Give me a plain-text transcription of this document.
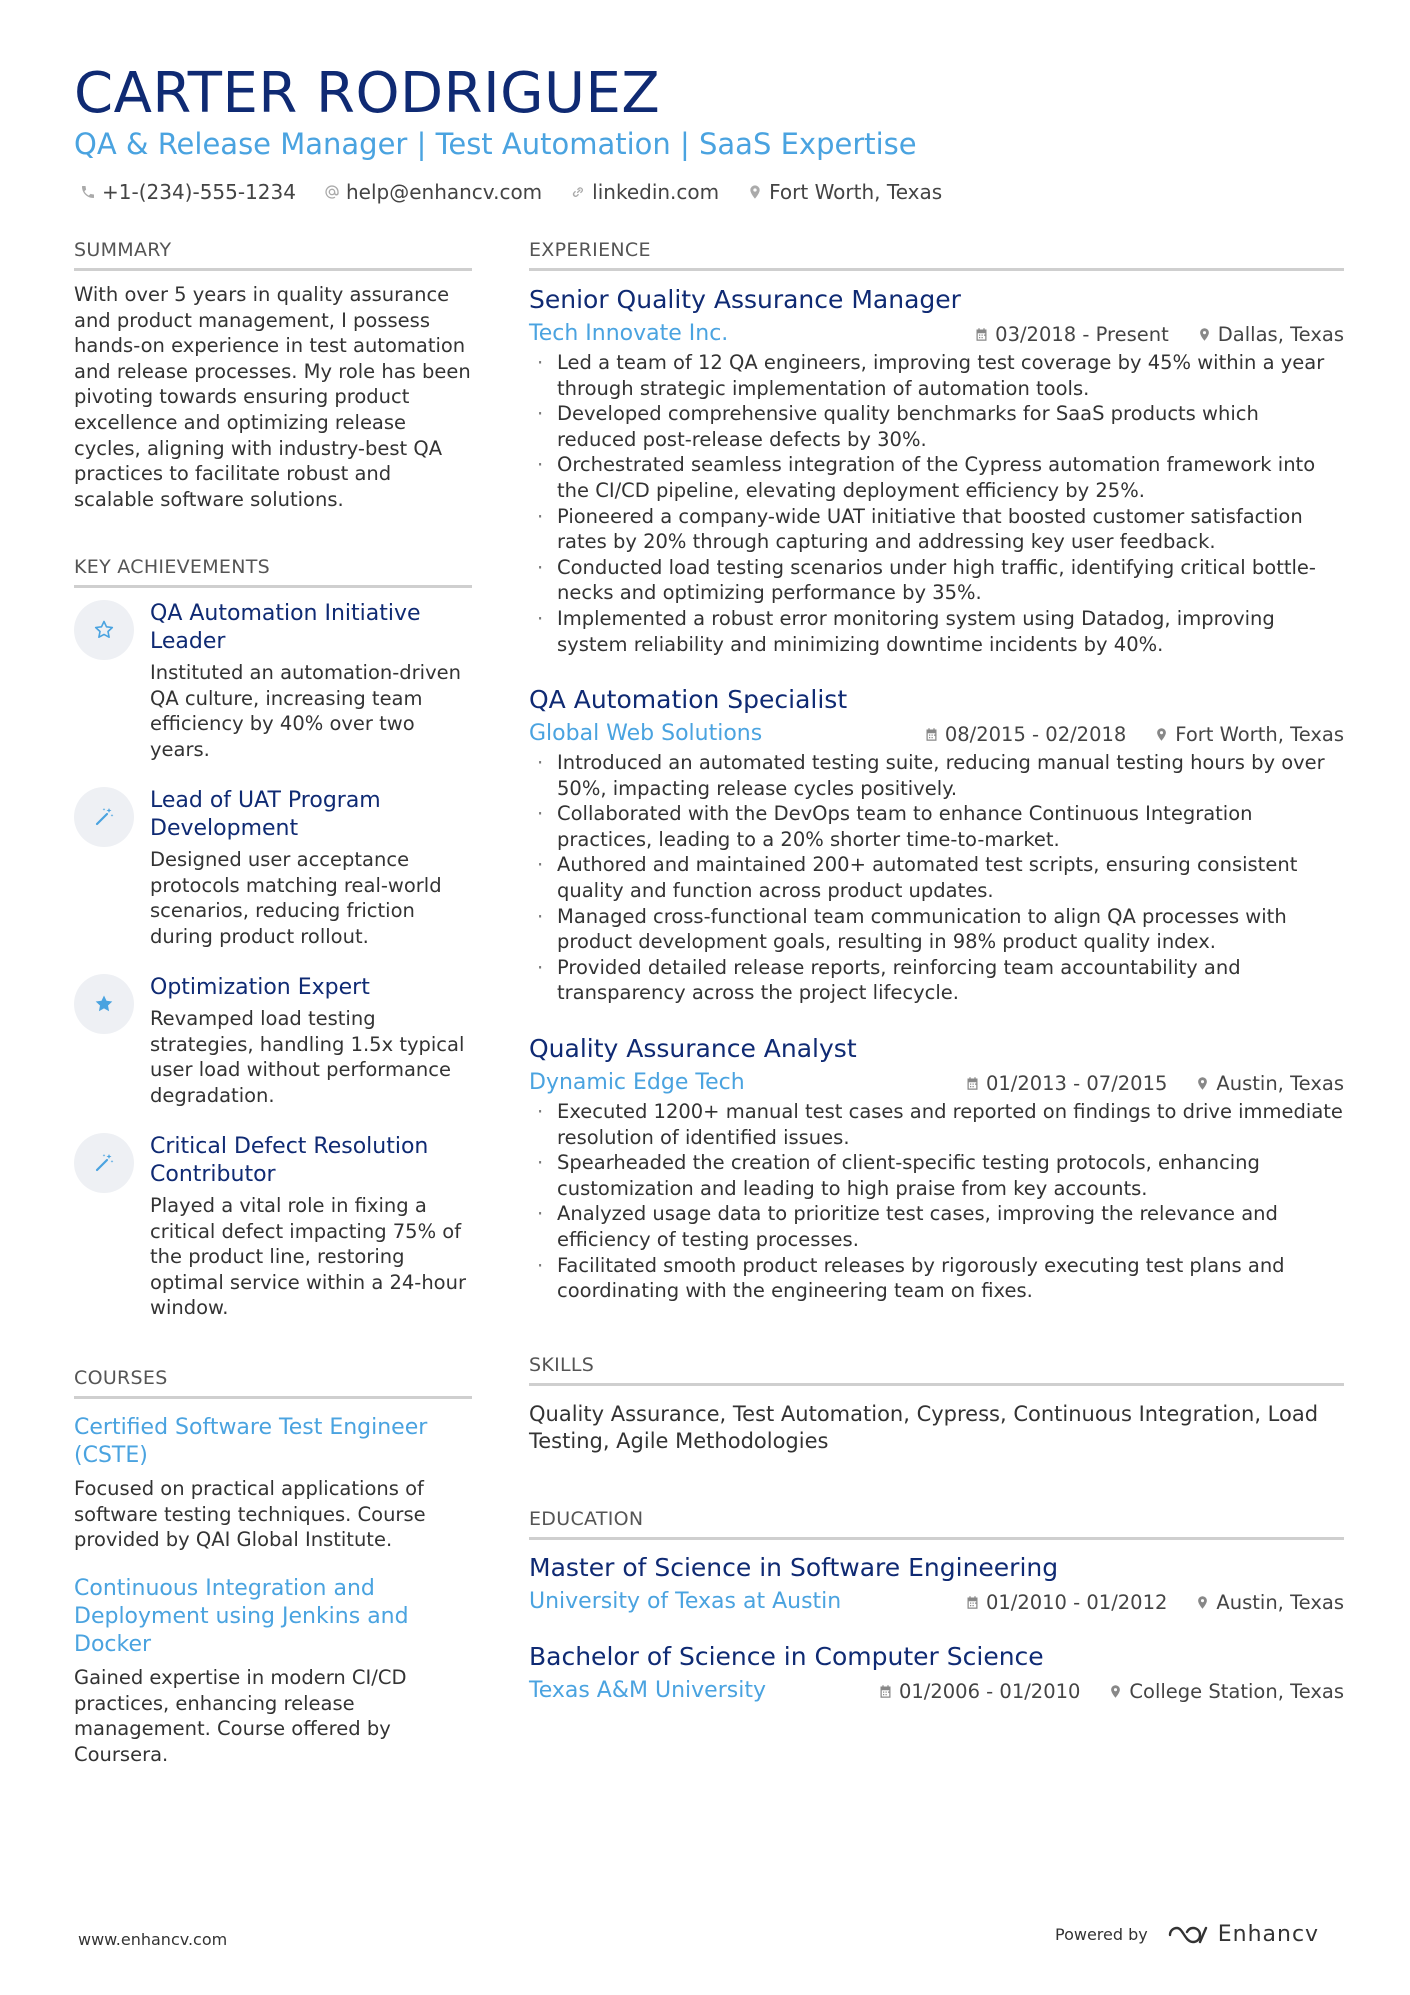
CARTER RODRIGUEZ
QA & Release Manager | Test Automation | SaaS Expertise
+1-(234)-555-1234	help@enhancv.com	linkedin.com	Fort Worth, Texas
SUMMARY
With over 5 years in quality assurance and product management, I possess hands-on experience in test automation and release processes. My role has been pivoting towards ensuring product excellence and optimizing release cycles, aligning with industry-best QA practices to facilitate robust and scalable software solutions.
KEY ACHIEVEMENTS
QA Automation Initiative Leader
Instituted an automation-driven QA culture, increasing team efficiency by 40% over two years.
Lead of UAT Program Development
Designed user acceptance protocols matching real-world scenarios, reducing friction during product rollout.
Optimization Expert
Revamped load testing strategies, handling 1.5x typical user load without performance degradation.
Critical Defect Resolution Contributor
Played a vital role in fixing a critical defect impacting 75% of the product line, restoring optimal service within a 24-hour window.
COURSES
Certified Software Test Engineer (CSTE)
Focused on practical applications of software testing techniques. Course provided by QAI Global Institute.
Continuous Integration and Deployment using Jenkins and Docker
Gained expertise in modern CI/CD practices, enhancing release management. Course offered by Coursera.
EXPERIENCE
Senior Quality Assurance Manager
Tech Innovate Inc.	03/2018 - Present	Dallas, Texas
· Led a team of 12 QA engineers, improving test coverage by 45% within a year through strategic implementation of automation tools.
· Developed comprehensive quality benchmarks for SaaS products which reduced post-release defects by 30%.
· Orchestrated seamless integration of the Cypress automation framework into the CI/CD pipeline, elevating deployment efficiency by 25%.
· Pioneered a company-wide UAT initiative that boosted customer satisfaction rates by 20% through capturing and addressing key user feedback.
· Conducted load testing scenarios under high traffic, identifying critical bottle-necks and optimizing performance by 35%.
· Implemented a robust error monitoring system using Datadog, improving system reliability and minimizing downtime incidents by 40%.
QA Automation Specialist
Global Web Solutions	08/2015 - 02/2018	Fort Worth, Texas
· Introduced an automated testing suite, reducing manual testing hours by over 50%, impacting release cycles positively.
· Collaborated with the DevOps team to enhance Continuous Integration practices, leading to a 20% shorter time-to-market.
· Authored and maintained 200+ automated test scripts, ensuring consistent quality and function across product updates.
· Managed cross-functional team communication to align QA processes with product development goals, resulting in 98% product quality index.
· Provided detailed release reports, reinforcing team accountability and transparency across the project lifecycle.
Quality Assurance Analyst
Dynamic Edge Tech	01/2013 - 07/2015	Austin, Texas
· Executed 1200+ manual test cases and reported on findings to drive immediate resolution of identified issues.
· Spearheaded the creation of client-specific testing protocols, enhancing customization and leading to high praise from key accounts.
· Analyzed usage data to prioritize test cases, improving the relevance and efficiency of testing processes.
· Facilitated smooth product releases by rigorously executing test plans and coordinating with the engineering team on fixes.
SKILLS
Quality Assurance, Test Automation, Cypress, Continuous Integration, Load Testing, Agile Methodologies
EDUCATION
Master of Science in Software Engineering
University of Texas at Austin	01/2010 - 01/2012	Austin, Texas
Bachelor of Science in Computer Science
Texas A&M University	01/2006 - 01/2010	College Station, Texas
www.enhancv.com	Powered by	Enhancv
